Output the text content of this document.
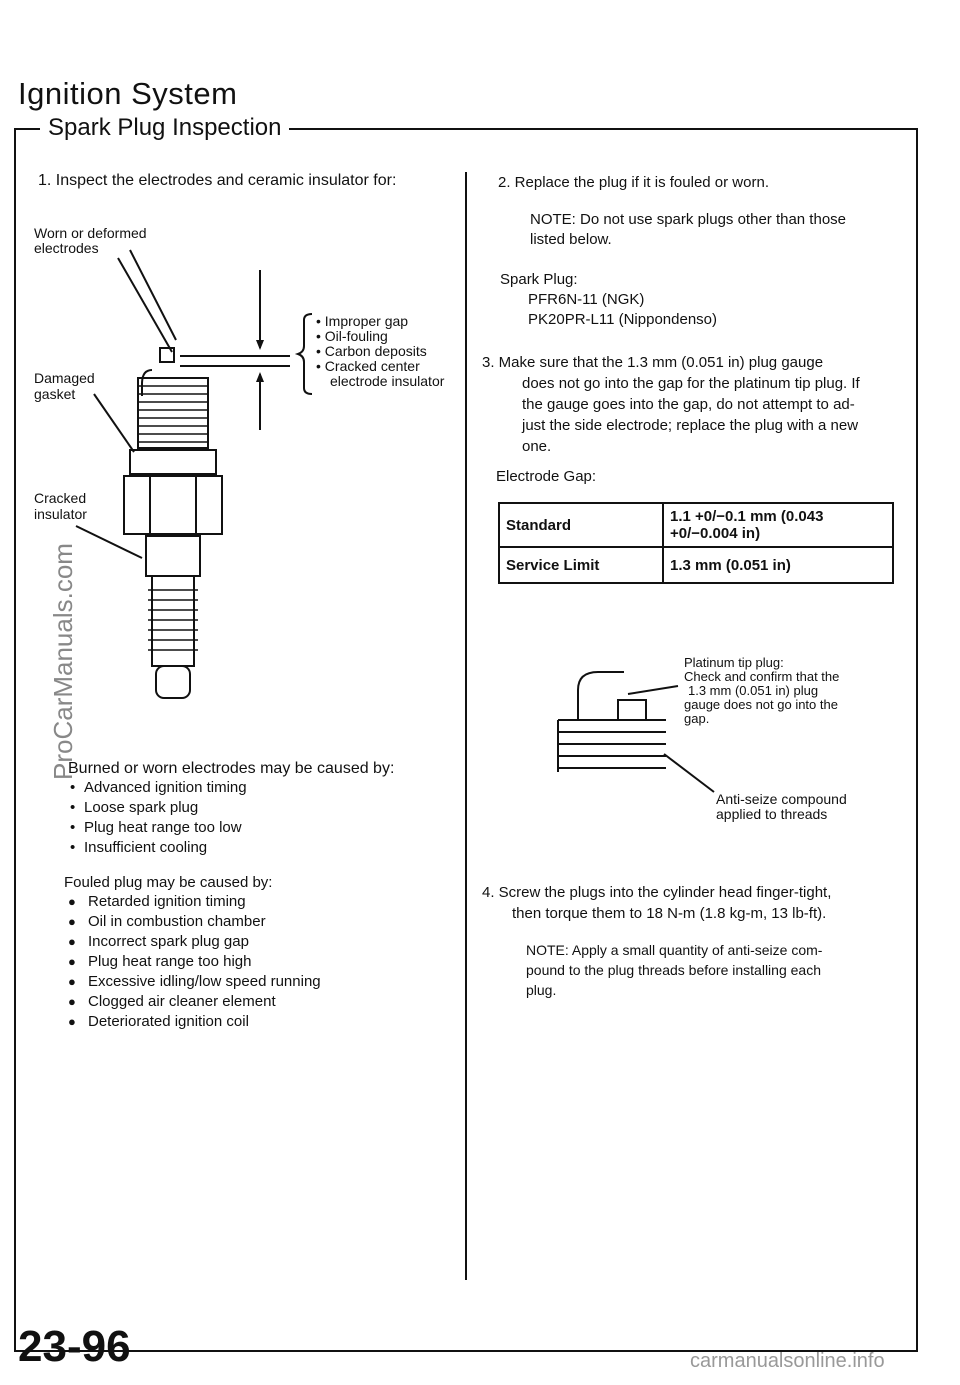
Ignition System
Spark Plug Inspection
1. Inspect the electrodes and ceramic insulator for:
Worn or deformed
electrodes
Damaged
gasket
Cracked
insulator
• Improper gap
• Oil-fouling
• Carbon deposits
• Cracked center
electrode insulator
Burned or worn electrodes may be caused by:
• Advanced ignition timing
• Loose spark plug
• Plug heat range too low
• Insufficient cooling
Fouled plug may be caused by:
● Retarded ignition timing
● Oil in combustion chamber
● Incorrect spark plug gap
● Plug heat range too high
● Excessive idling/low speed running
● Clogged air cleaner element
● Deteriorated ignition coil
2. Replace the plug if it is fouled or worn.
NOTE: Do not use spark plugs other than those
listed below.
Spark Plug:
PFR6N-11 (NGK)
PK20PR-L11 (Nippondenso)
3. Make sure that the 1.3 mm (0.051 in) plug gauge
does not go into the gap for the platinum tip plug. If
the gauge goes into the gap, do not attempt to ad-
just the side electrode; replace the plug with a new
one.
Electrode Gap:
Standard	1.1 +0/−0.1 mm (0.043 +0/−0.004 in)
Service Limit	1.3 mm (0.051 in)
Platinum tip plug:
Check and confirm that the
1.3 mm (0.051 in) plug
gauge does not go into the
gap.
Anti-seize compound
applied to threads
4. Screw the plugs into the cylinder head finger-tight,
then torque them to 18 N-m (1.8 kg-m, 13 lb-ft).
NOTE: Apply a small quantity of anti-seize com-
pound to the plug threads before installing each
plug.
ProCarManuals.com
23-96	carmanualsonline.info
